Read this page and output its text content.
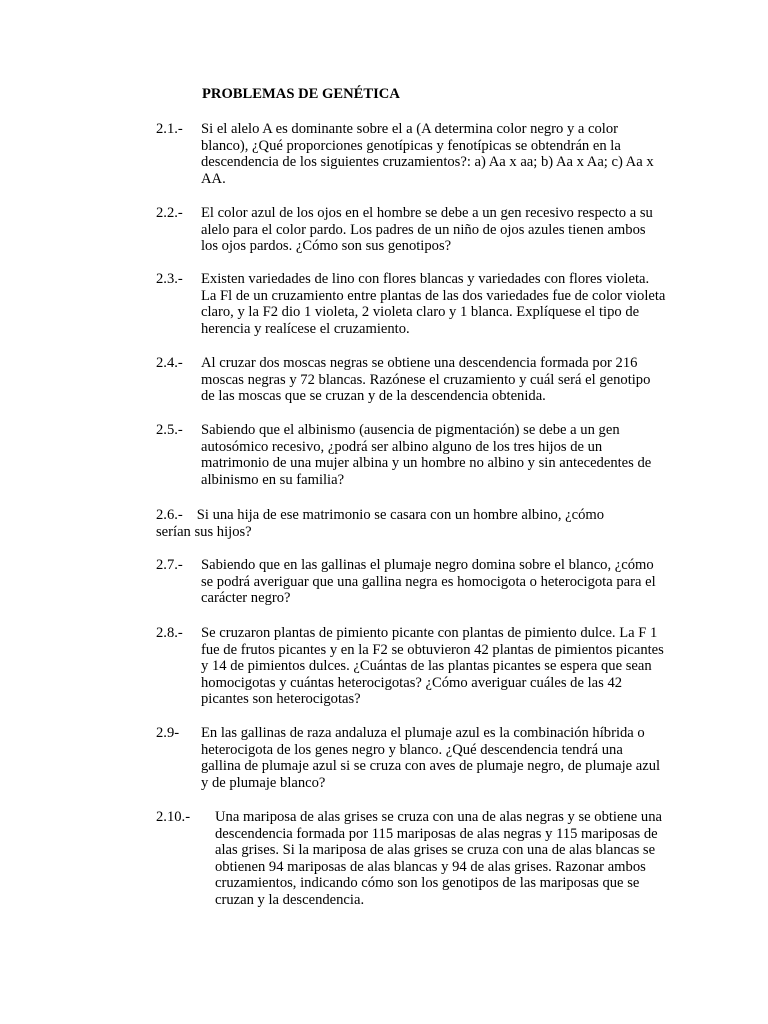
PROBLEMAS DE GENÉTICA
2.1.- Si el alelo A es dominante sobre el a (A determina color negro y a color blanco), ¿Qué proporciones genotípicas y fenotípicas se obtendrán en la descendencia de los siguientes cruzamientos?: a) Aa x aa; b) Aa x Aa; c) Aa x AA.
2.2.- El color azul de los ojos en el hombre se debe a un gen recesivo respecto a su alelo para el color pardo. Los padres de un niño de ojos azules tienen ambos los ojos pardos. ¿Cómo son sus genotipos?
2.3.- Existen variedades de lino con flores blancas y variedades con flores violeta. La Fl de un cruzamiento entre plantas de las dos variedades fue de color violeta claro, y la F2 dio 1 violeta, 2 violeta claro y 1 blanca. Explíquese el tipo de herencia y realícese el cruzamiento.
2.4.- Al cruzar dos moscas negras se obtiene una descendencia formada por 216 moscas negras y 72 blancas. Razónese el cruzamiento y cuál será el genotipo de las moscas que se cruzan y de la descendencia obtenida.
2.5.- Sabiendo que el albinismo (ausencia de pigmentación) se debe a un gen autosómico recesivo, ¿podrá ser albino alguno de los tres hijos de un matrimonio de una mujer albina y un hombre no albino y sin antecedentes de albinismo en su familia?
2.6.- Si una hija de ese matrimonio se casara con un hombre albino, ¿cómo
serían sus hijos?
2.7.- Sabiendo que en las gallinas el plumaje negro domina sobre el blanco, ¿cómo se podrá averiguar que una gallina negra es homocigota o heterocigota para el carácter negro?
2.8.- Se cruzaron plantas de pimiento picante con plantas de pimiento dulce. La F 1 fue de frutos picantes y en la F2 se obtuvieron 42 plantas de pimientos picantes y 14 de pimientos dulces. ¿Cuántas de las plantas picantes se espera que sean homocigotas y cuántas heterocigotas? ¿Cómo averiguar cuáles de las 42 picantes son heterocigotas?
2.9- En las gallinas de raza andaluza el plumaje azul es la combinación híbrida o heterocigota de los genes negro y blanco. ¿Qué descendencia tendrá una gallina de plumaje azul si se cruza con aves de plumaje negro, de plumaje azul y de plumaje blanco?
2.10.- Una mariposa de alas grises se cruza con una de alas negras y se obtiene una descendencia formada por 115 mariposas de alas negras y 115 mariposas de alas grises. Si la mariposa de alas grises se cruza con una de alas blancas se obtienen 94 mariposas de alas blancas y 94 de alas grises. Razonar ambos cruzamientos, indicando cómo son los genotipos de las mariposas que se cruzan y la descendencia.
